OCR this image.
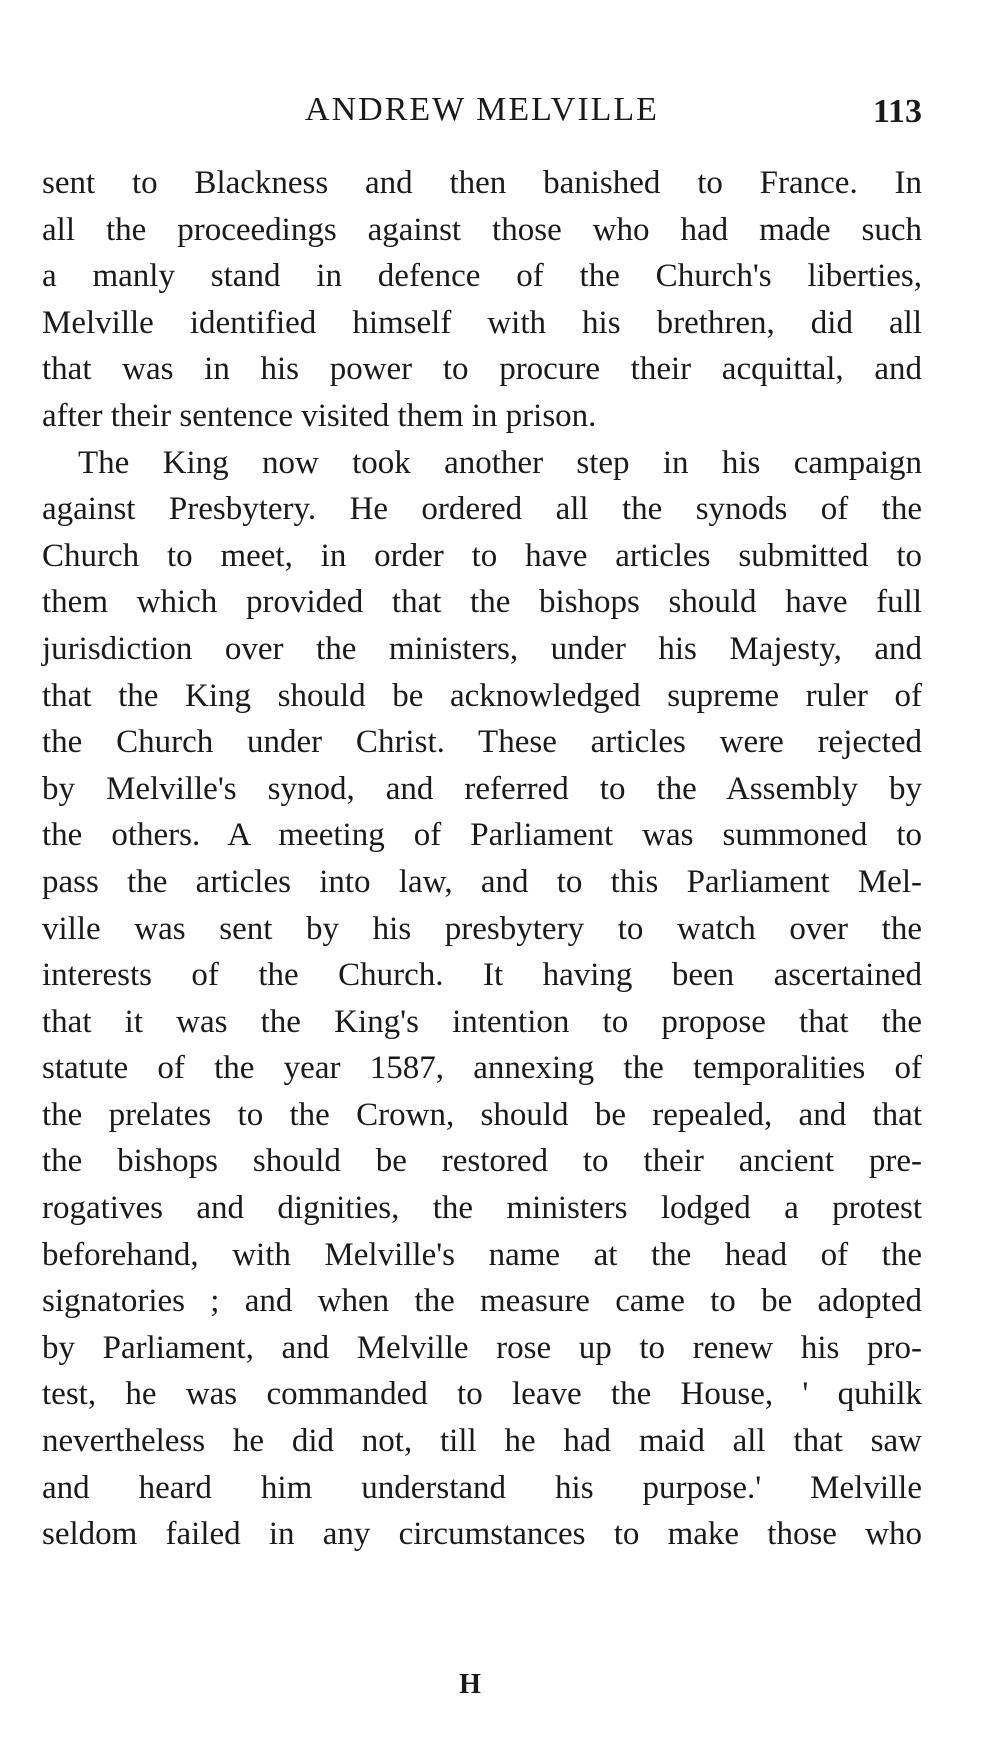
ANDREW MELVILLE	113
sent to Blackness and then banished to France. In
all the proceedings against those who had made such
a manly stand in defence of the Church's liberties,
Melville identified himself with his brethren, did all
that was in his power to procure their acquittal, and
after their sentence visited them in prison.
The King now took another step in his campaign
against Presbytery. He ordered all the synods of the
Church to meet, in order to have articles submitted to
them which provided that the bishops should have full
jurisdiction over the ministers, under his Majesty, and
that the King should be acknowledged supreme ruler of
the Church under Christ. These articles were rejected
by Melville's synod, and referred to the Assembly by
the others. A meeting of Parliament was summoned to
pass the articles into law, and to this Parliament Mel-
ville was sent by his presbytery to watch over the
interests of the Church. It having been ascertained
that it was the King's intention to propose that the
statute of the year 1587, annexing the temporalities of
the prelates to the Crown, should be repealed, and that
the bishops should be restored to their ancient pre-
rogatives and dignities, the ministers lodged a protest
beforehand, with Melville's name at the head of the
signatories ; and when the measure came to be adopted
by Parliament, and Melville rose up to renew his pro-
test, he was commanded to leave the House, ' quhilk
nevertheless he did not, till he had maid all that saw
and heard him understand his purpose.' Melville
seldom failed in any circumstances to make those who
H
